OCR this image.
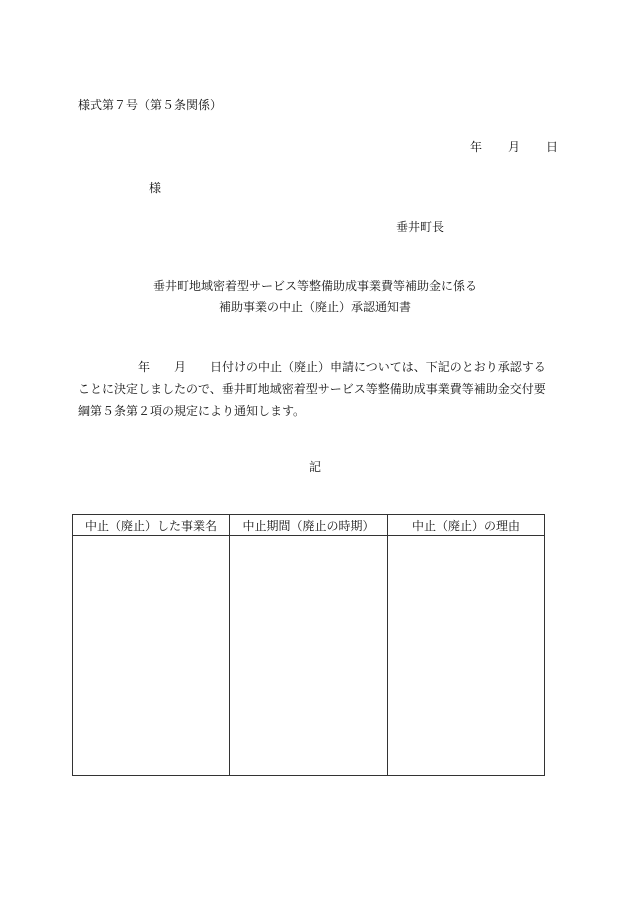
様式第７号（第５条関係）
年 月 日
様
垂井町長
垂井町地域密着型サービス等整備助成事業費等補助金に係る
補助事業の中止（廃止）承認通知書
年 月 日付けの中止（廃止）申請については、下記のとおり承認することに決定しましたので、垂井町地域密着型サービス等整備助成事業費等補助金交付要綱第５条第２項の規定により通知します。
記
中止（廃止）した事業名	中止期間（廃止の時期）	中止（廃止）の理由
